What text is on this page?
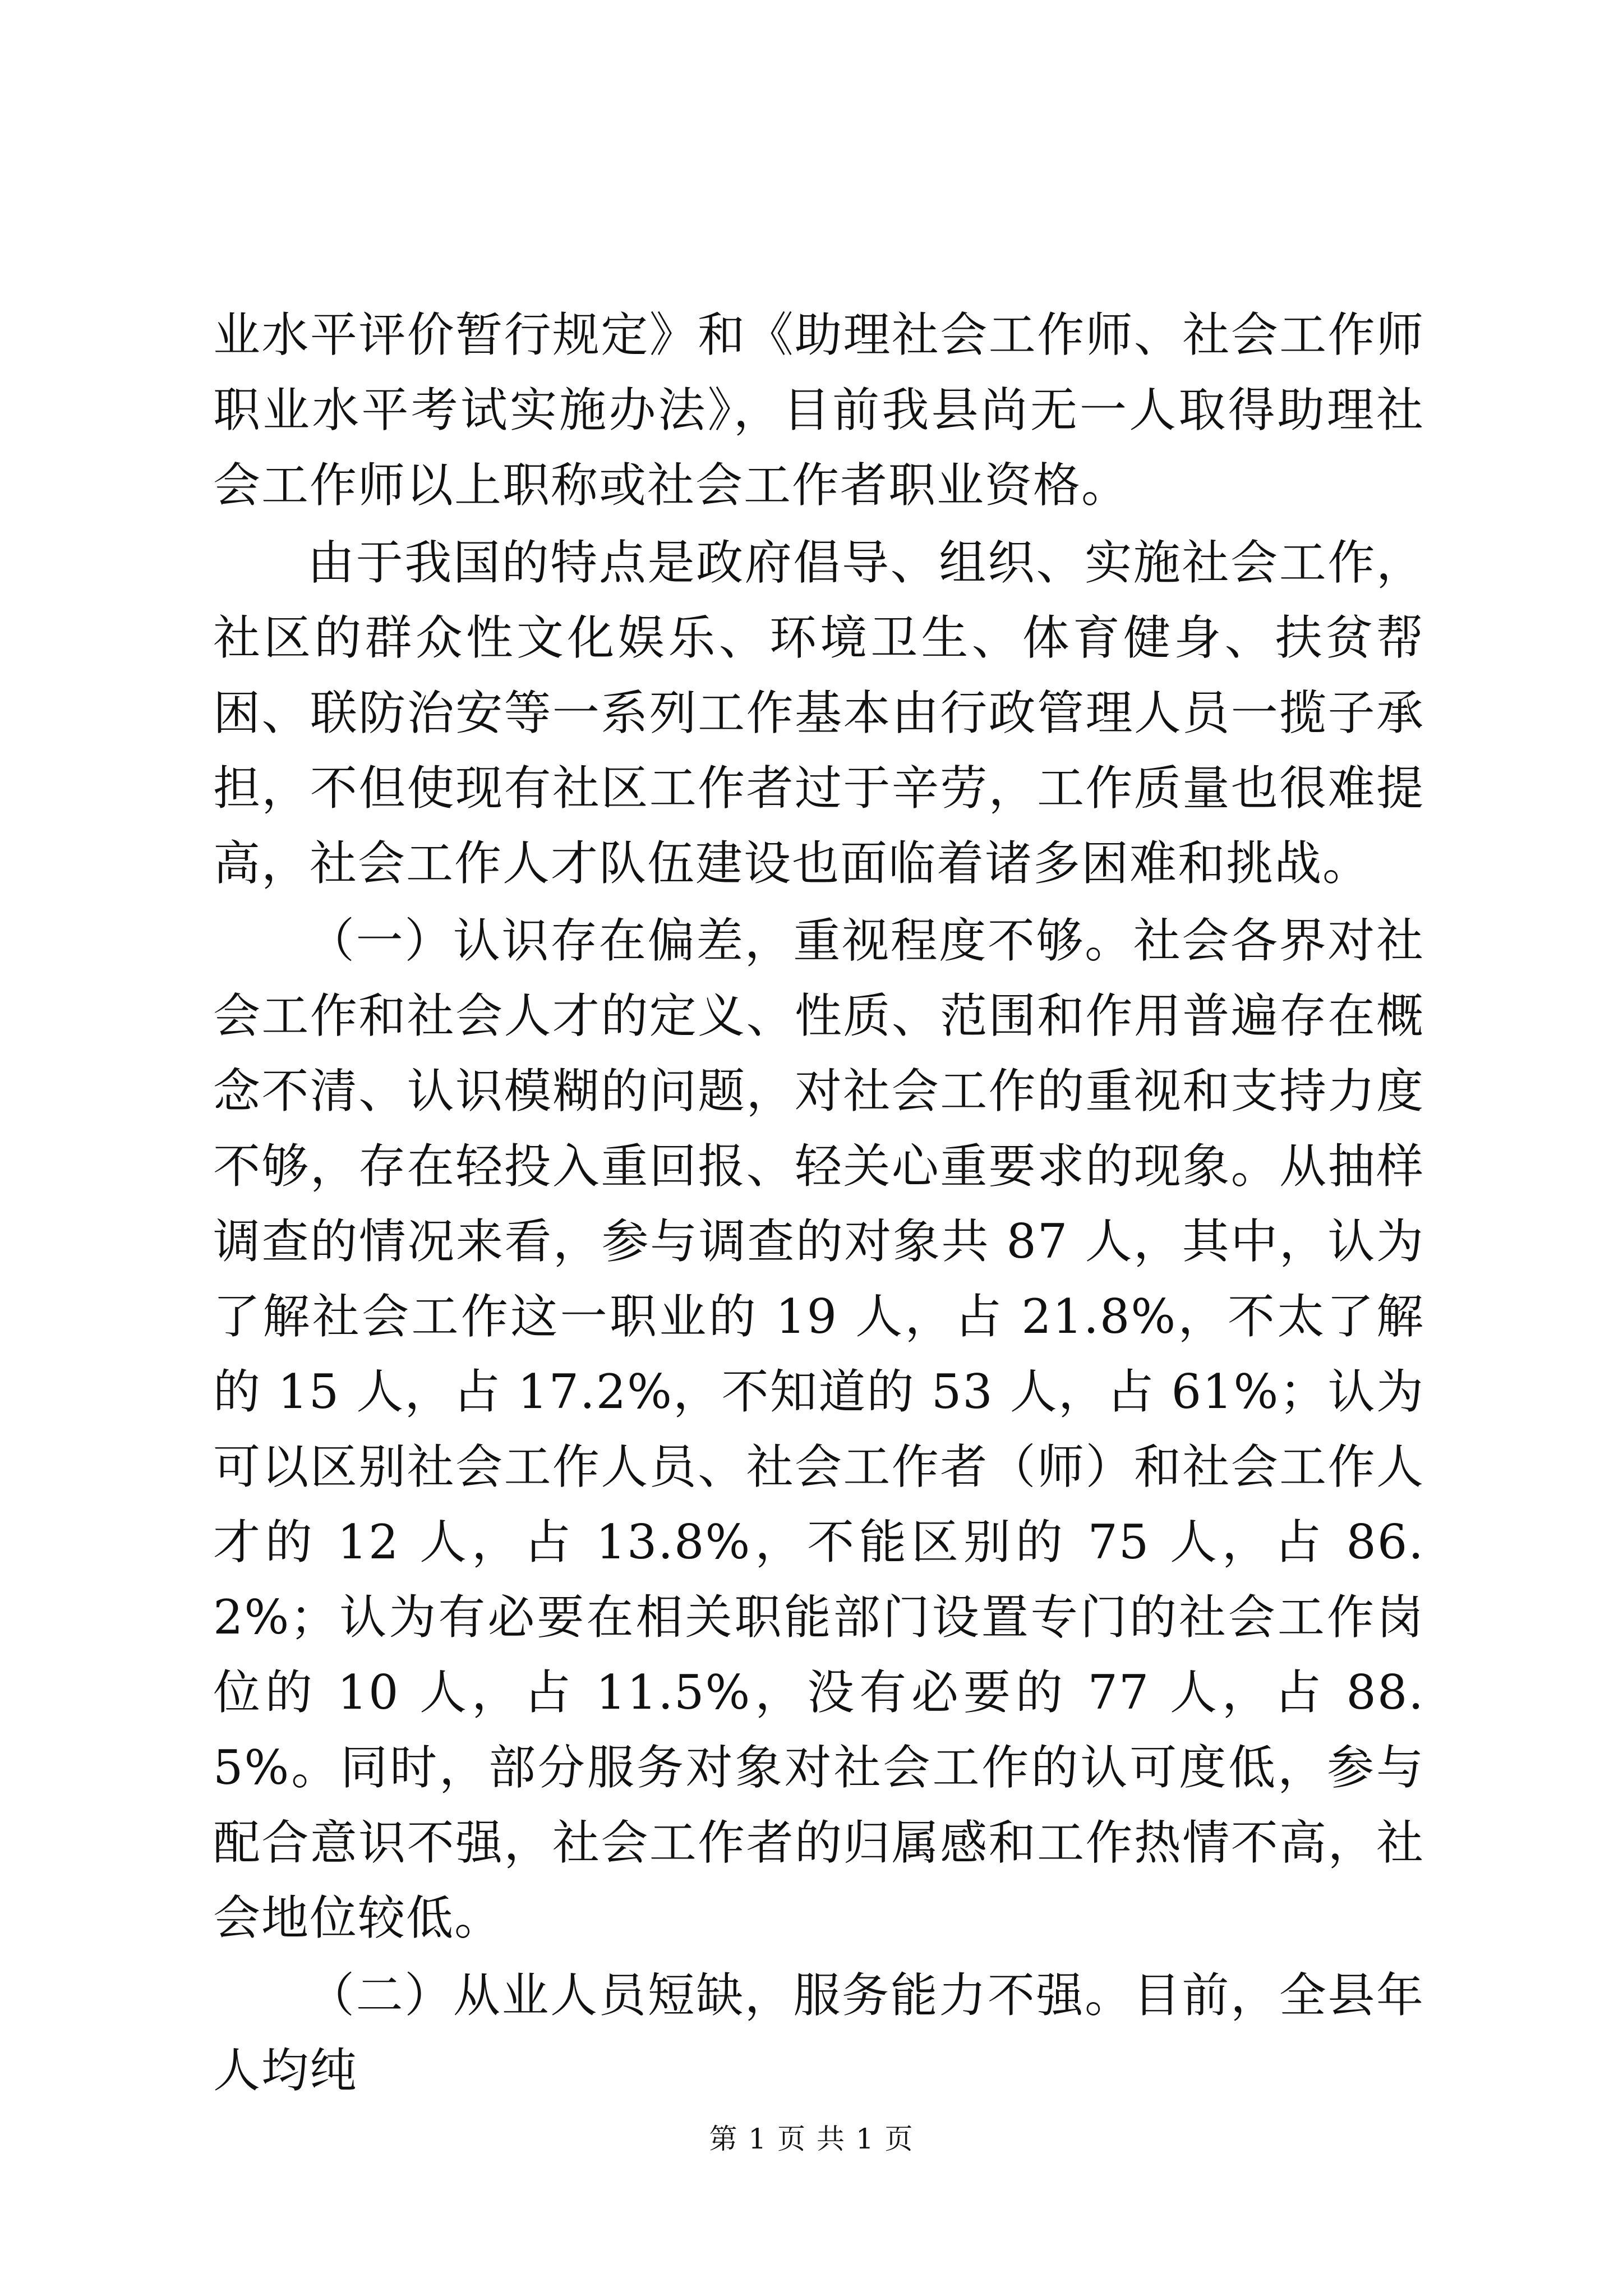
业水平评价暂行规定》和《助理社会工作师、社会工作师职业水平考试实施办法》，目前我县尚无一人取得助理社会工作师以上职称或社会工作者职业资格。

由于我国的特点是政府倡导、组织、实施社会工作，社区的群众性文化娱乐、环境卫生、体育健身、扶贫帮困、联防治安等一系列工作基本由行政管理人员一揽子承担，不但使现有社区工作者过于辛劳，工作质量也很难提高，社会工作人才队伍建设也面临着诸多困难和挑战。

（一）认识存在偏差，重视程度不够。社会各界对社会工作和社会人才的定义、性质、范围和作用普遍存在概念不清、认识模糊的问题，对社会工作的重视和支持力度不够，存在轻投入重回报、轻关心重要求的现象。从抽样调查的情况来看，参与调查的对象共 87 人，其中，认为了解社会工作这一职业的 19 人，占 21.8%，不太了解的 15 人，占 17.2%，不知道的 53 人，占 61%；认为可以区别社会工作人员、社会工作者（师）和社会工作人才的 12 人，占 13.8%，不能区别的 75 人，占 86.2%；认为有必要在相关职能部门设置专门的社会工作岗位的 10 人，占 11.5%，没有必要的 77 人，占 88.5%。同时，部分服务对象对社会工作的认可度低，参与配合意识不强，社会工作者的归属感和工作热情不高，社会地位较低。

（二）从业人员短缺，服务能力不强。目前，全县年人均纯

第 1 页 共 1 页
